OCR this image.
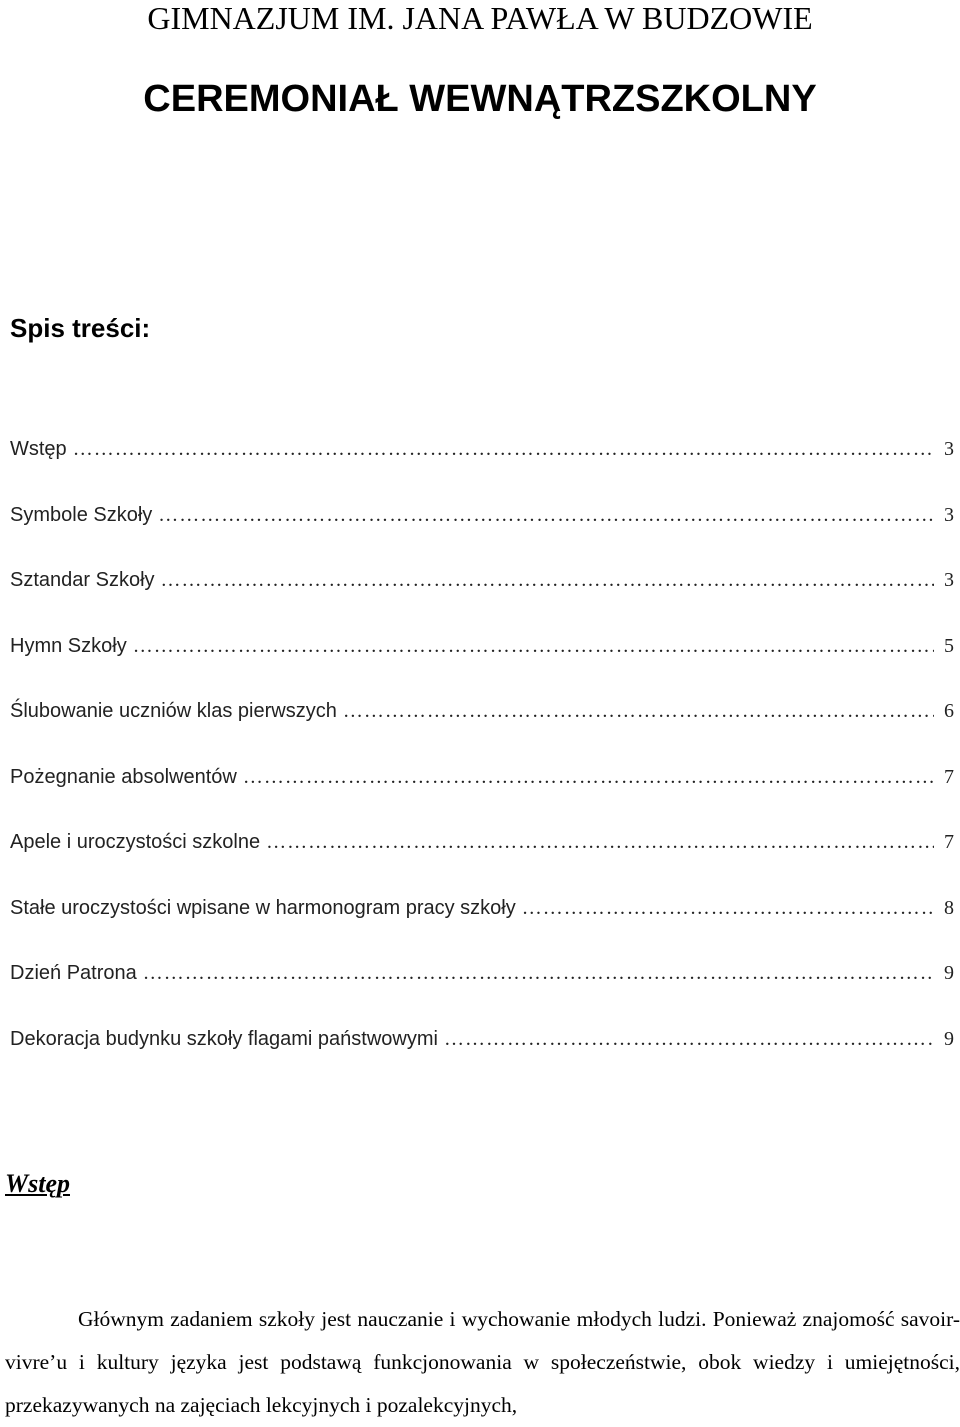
GIMNAZJUM IM. JANA PAWŁA W BUDZOWIE
CEREMONIAŁ WEWNĄTRZSZKOLNY
Spis treści:
Wstęp ………………………………………………………………………………………………………………………………………………	3
Symbole Szkoły ………………………………………………………………………………………………………………………………………………	3
Sztandar Szkoły ………………………………………………………………………………………………………………………………………………	3
Hymn Szkoły ………………………………………………………………………………………………………………………………………………	5
Ślubowanie uczniów klas pierwszych ………………………………………………………………………………………………………………………………………………	6
Pożegnanie absolwentów ………………………………………………………………………………………………………………………………………………	7
Apele i uroczystości szkolne ………………………………………………………………………………………………………………………………………………	7
Stałe uroczystości wpisane w harmonogram pracy szkoły ………………………………………………………………………………………………………………………………………………	8
Dzień Patrona ………………………………………………………………………………………………………………………………………………	9
Dekoracja budynku szkoły flagami państwowymi ………………………………………………………………………………………………………………………………………………	9
Wstęp

Głównym zadaniem szkoły jest nauczanie i wychowanie młodych ludzi. Ponieważ znajomość savoir- vivre’u i kultury języka jest podstawą funkcjonowania w społeczeństwie, obok wiedzy i umiejętności, przekazywanych na zajęciach lekcyjnych i pozalekcyjnych,
